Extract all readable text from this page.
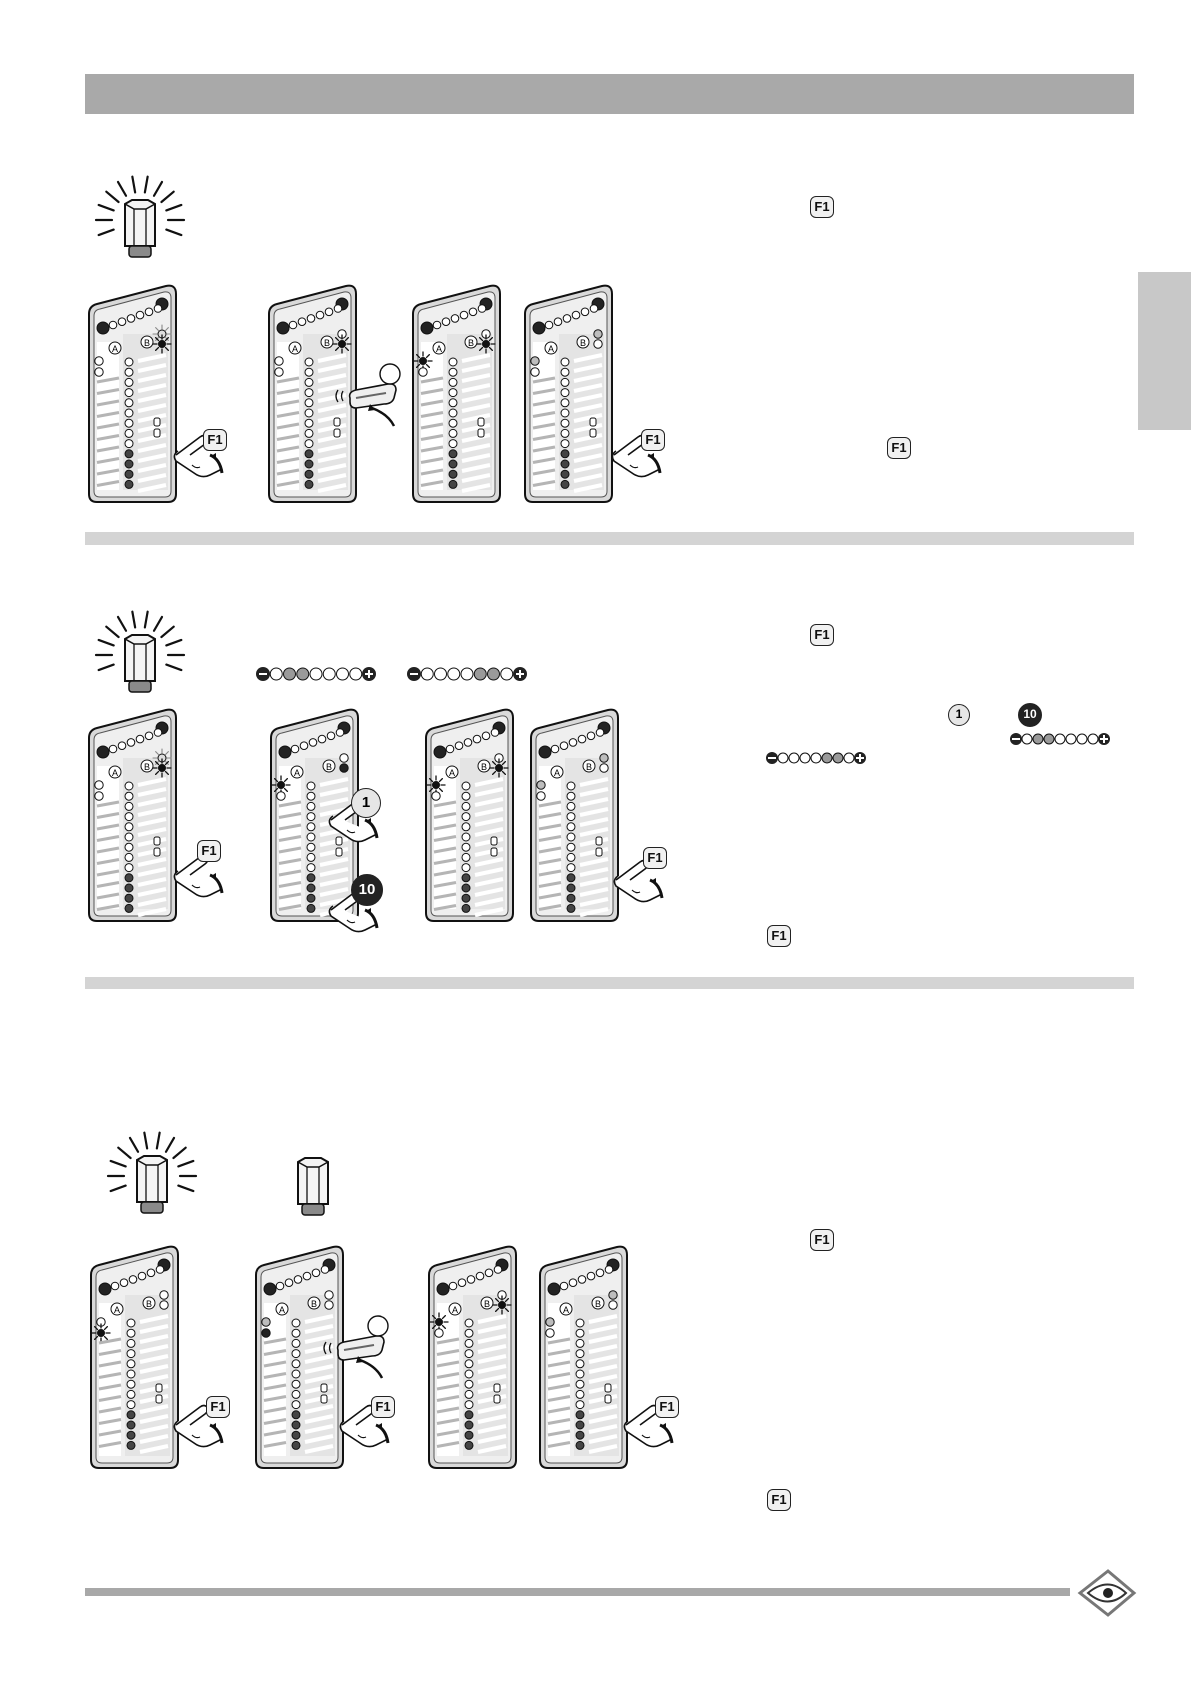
A
B
F1
A
B
A
B
A
B
F1
F1
F1
A
B
F1
A
B
1
10
A
B
A
B
F1
F1
1	10
F1
A
B
F1
A
B
F1
A
B
A
B
F1
F1
F1
